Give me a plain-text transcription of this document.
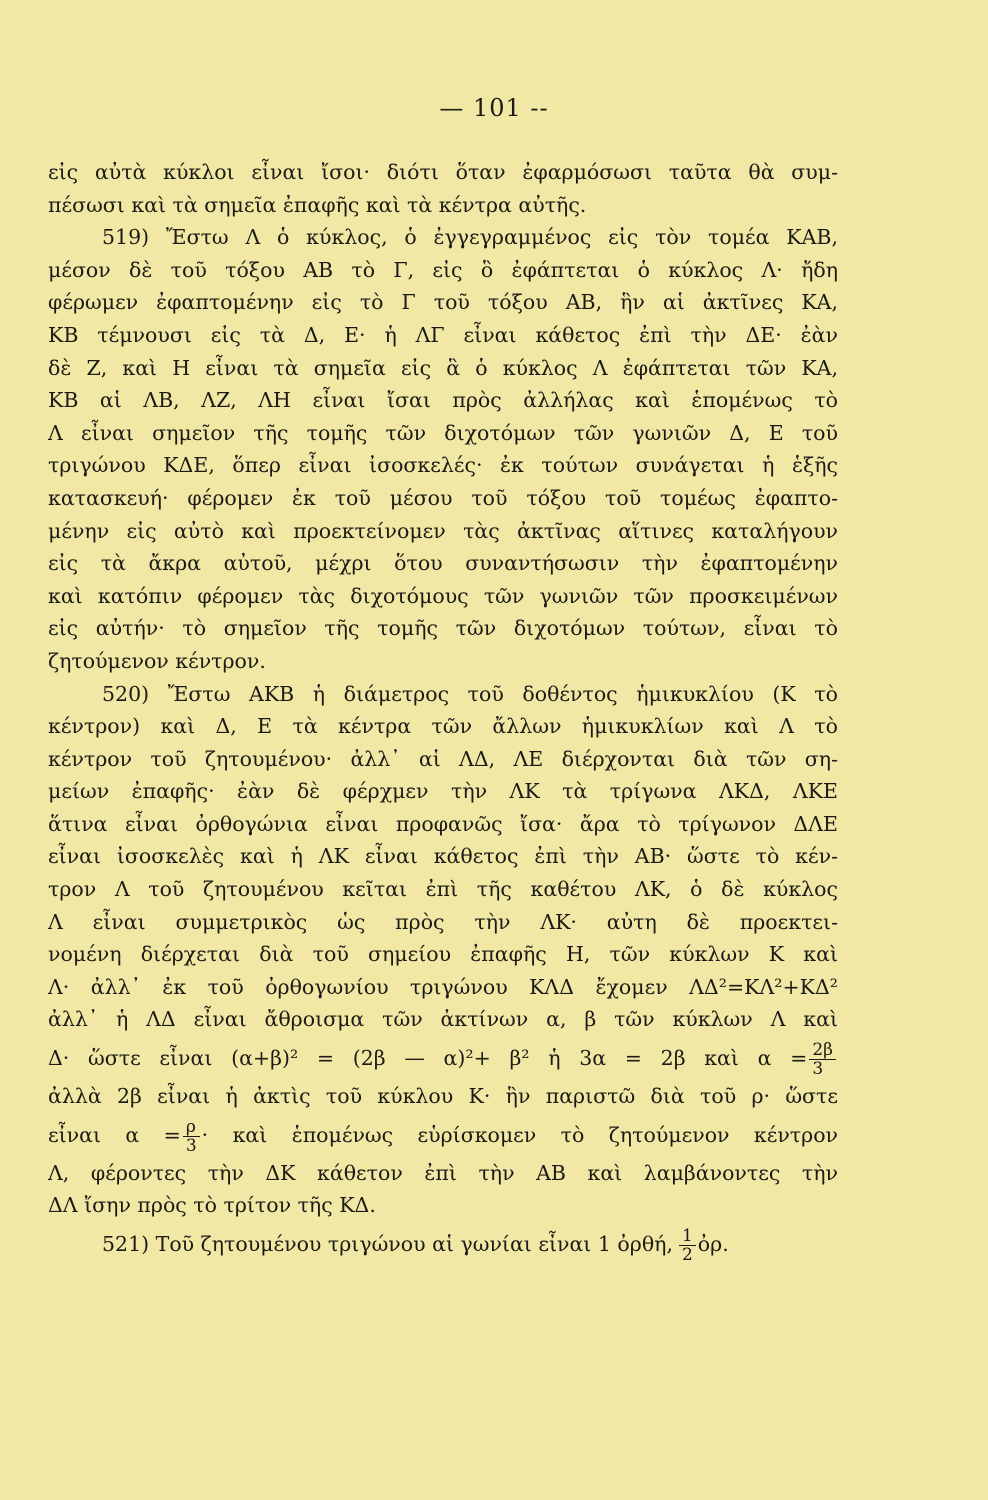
— 101 --
εἰς αὐτὰ κύκλοι εἶναι ἴσοι· διότι ὅταν ἐφαρμόσωσι ταῦτα θὰ συμ-
πέσωσι καὶ τὰ σημεῖα ἐπαφῆς καὶ τὰ κέντρα αὐτῆς.
519) Ἔστω Λ ὁ κύκλος, ὁ ἐγγεγραμμένος εἰς τὸν τομέα ΚΑΒ,
μέσον δὲ τοῦ τόξου ΑΒ τὸ Γ, εἰς ὃ ἐφάπτεται ὁ κύκλος Λ· ἤδη
φέρωμεν ἐφαπτομένην εἰς τὸ Γ τοῦ τόξου ΑΒ, ἣν αἱ ἀκτῖνες ΚΑ,
ΚΒ τέμνουσι εἰς τὰ Δ, Ε· ἡ ΛΓ εἶναι κάθετος ἐπὶ τὴν ΔΕ· ἐὰν
δὲ Ζ, καὶ Η εἶναι τὰ σημεῖα εἰς ἃ ὁ κύκλος Λ ἐφάπτεται τῶν ΚΑ,
ΚΒ αἱ ΛΒ, ΛΖ, ΛΗ εἶναι ἴσαι πρὸς ἀλλήλας καὶ ἑπομένως τὸ
Λ εἶναι σημεῖον τῆς τομῆς τῶν διχοτόμων τῶν γωνιῶν Δ, Ε τοῦ
τριγώνου ΚΔΕ, ὅπερ εἶναι ἰσοσκελές· ἐκ τούτων συνάγεται ἡ ἑξῆς
κατασκευή· φέρομεν ἐκ τοῦ μέσου τοῦ τόξου τοῦ τομέως ἐφαπτο-
μένην εἰς αὐτὸ καὶ προεκτείνομεν τὰς ἀκτῖνας αἵτινες καταλήγουν
εἰς τὰ ἄκρα αὐτοῦ, μέχρι ὅτου συναντήσωσιν τὴν ἐφαπτομένην
καὶ κατόπιν φέρομεν τὰς διχοτόμους τῶν γωνιῶν τῶν προσκειμένων
εἰς αὐτήν· τὸ σημεῖον τῆς τομῆς τῶν διχοτόμων τούτων, εἶναι τὸ
ζητούμενον κέντρον.
520) Ἔστω ΑΚΒ ἡ διάμετρος τοῦ δοθέντος ἡμικυκλίου (Κ τὸ
κέντρον) καὶ Δ, Ε τὰ κέντρα τῶν ἄλλων ἡμικυκλίων καὶ Λ τὸ
κέντρον τοῦ ζητουμένου· ἀλλ᾽ αἱ ΛΔ, ΛΕ διέρχονται διὰ τῶν ση-
μείων ἐπαφῆς· ἐὰν δὲ φέρχμεν τὴν ΛΚ τὰ τρίγωνα ΛΚΔ, ΛΚΕ
ἅτινα εἶναι ὀρθογώνια εἶναι προφανῶς ἴσα· ἄρα τὸ τρίγωνον ΔΛΕ
εἶναι ἰσοσκελὲς καὶ ἡ ΛΚ εἶναι κάθετος ἐπὶ τὴν ΑΒ· ὥστε τὸ κέν-
τρον Λ τοῦ ζητουμένου κεῖται ἐπὶ τῆς καθέτου ΛΚ, ὁ δὲ κύκλος
Λ εἶναι συμμετρικὸς ὡς πρὸς τὴν ΛΚ· αὐτη δὲ προεκτει-
νομένη διέρχεται διὰ τοῦ σημείου ἐπαφῆς Η, τῶν κύκλων Κ καὶ
Λ· ἀλλ᾽ ἐκ τοῦ ὀρθογωνίου τριγώνου ΚΛΔ ἔχομεν ΛΔ²=ΚΛ²+ΚΔ²
ἀλλ᾽ ἡ ΛΔ εἶναι ἄθροισμα τῶν ἀκτίνων α, β τῶν κύκλων Λ καὶ
Δ· ὥστε εἶναι (α+β)² = (2β — α)²+ β² ἡ 3α = 2β καὶ $\alpha = \frac{2\beta}{3}$
ἀλλὰ 2β εἶναι ἡ ἀκτὶς τοῦ κύκλου Κ· ἣν παριστῶ διὰ τοῦ ρ· ὥστε
εἶναι $\alpha = \frac{\rho}{3}$ · καὶ ἑπομένως εὑρίσκομεν τὸ ζητούμενον κέντρον
Λ, φέροντες τὴν ΔΚ κάθετον ἐπὶ τὴν ΑΒ καὶ λαμβάνοντες τὴν
ΔΛ ἴσην πρὸς τὸ τρίτον τῆς ΚΔ.
521) Τοῦ ζητουμένου τριγώνου αἱ γωνίαι εἶναι 1 ὀρθή, $\frac{1}{2}$ ὀρ.
